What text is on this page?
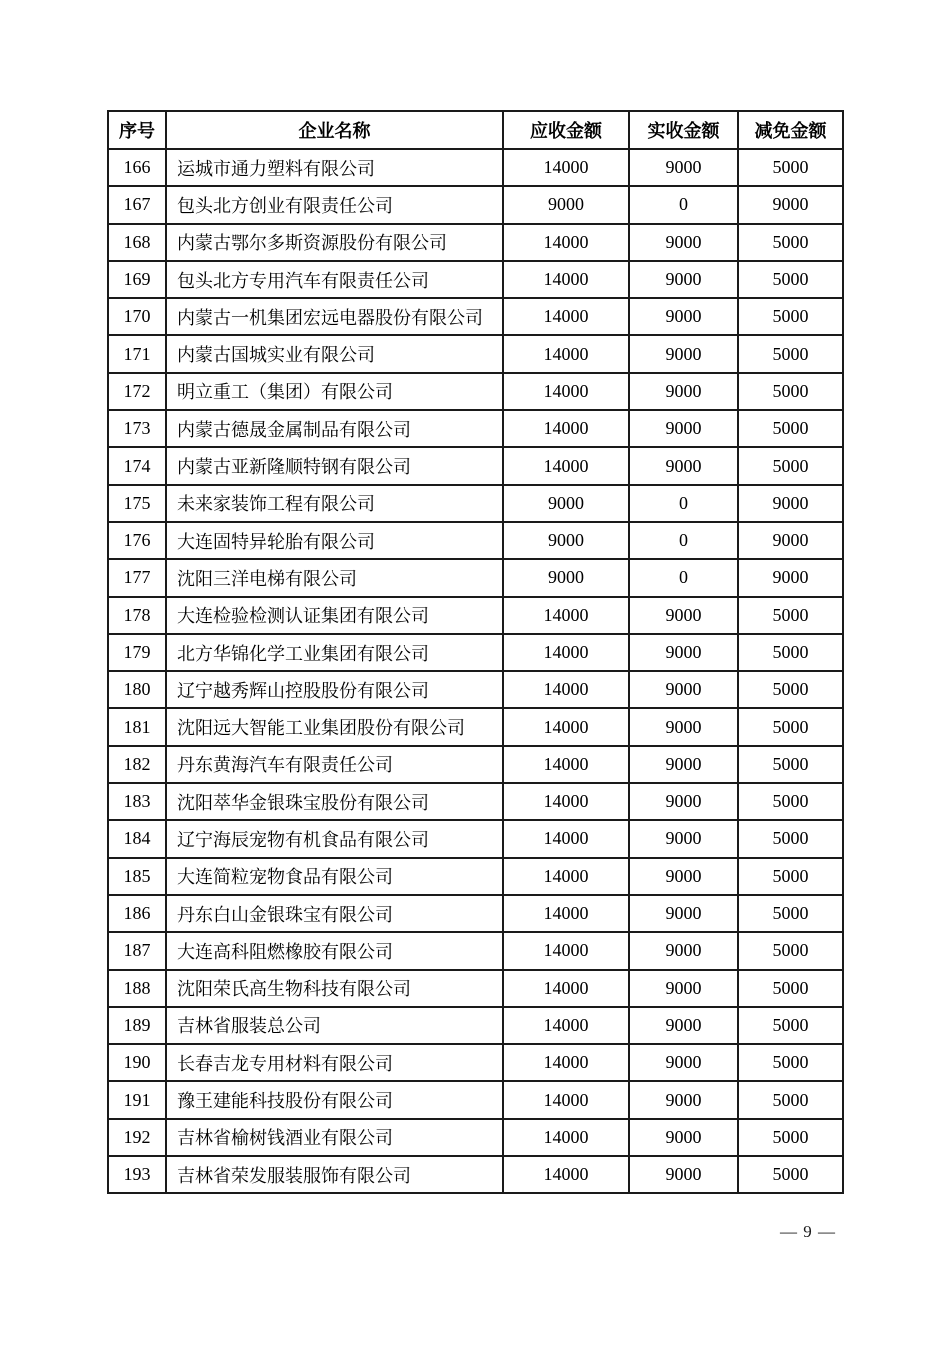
序号	企业名称	应收金额	实收金额	减免金额
166	运城市通力塑料有限公司	14000	9000	5000
167	包头北方创业有限责任公司	9000	0	9000
168	内蒙古鄂尔多斯资源股份有限公司	14000	9000	5000
169	包头北方专用汽车有限责任公司	14000	9000	5000
170	内蒙古一机集团宏远电器股份有限公司	14000	9000	5000
171	内蒙古国城实业有限公司	14000	9000	5000
172	明立重工（集团）有限公司	14000	9000	5000
173	内蒙古德晟金属制品有限公司	14000	9000	5000
174	内蒙古亚新隆顺特钢有限公司	14000	9000	5000
175	未来家装饰工程有限公司	9000	0	9000
176	大连固特异轮胎有限公司	9000	0	9000
177	沈阳三洋电梯有限公司	9000	0	9000
178	大连检验检测认证集团有限公司	14000	9000	5000
179	北方华锦化学工业集团有限公司	14000	9000	5000
180	辽宁越秀辉山控股股份有限公司	14000	9000	5000
181	沈阳远大智能工业集团股份有限公司	14000	9000	5000
182	丹东黄海汽车有限责任公司	14000	9000	5000
183	沈阳萃华金银珠宝股份有限公司	14000	9000	5000
184	辽宁海辰宠物有机食品有限公司	14000	9000	5000
185	大连简粒宠物食品有限公司	14000	9000	5000
186	丹东白山金银珠宝有限公司	14000	9000	5000
187	大连高科阻燃橡胶有限公司	14000	9000	5000
188	沈阳荣氏高生物科技有限公司	14000	9000	5000
189	吉林省服装总公司	14000	9000	5000
190	长春吉龙专用材料有限公司	14000	9000	5000
191	豫王建能科技股份有限公司	14000	9000	5000
192	吉林省榆树钱酒业有限公司	14000	9000	5000
193	吉林省荣发服装服饰有限公司	14000	9000	5000
— 9 —
